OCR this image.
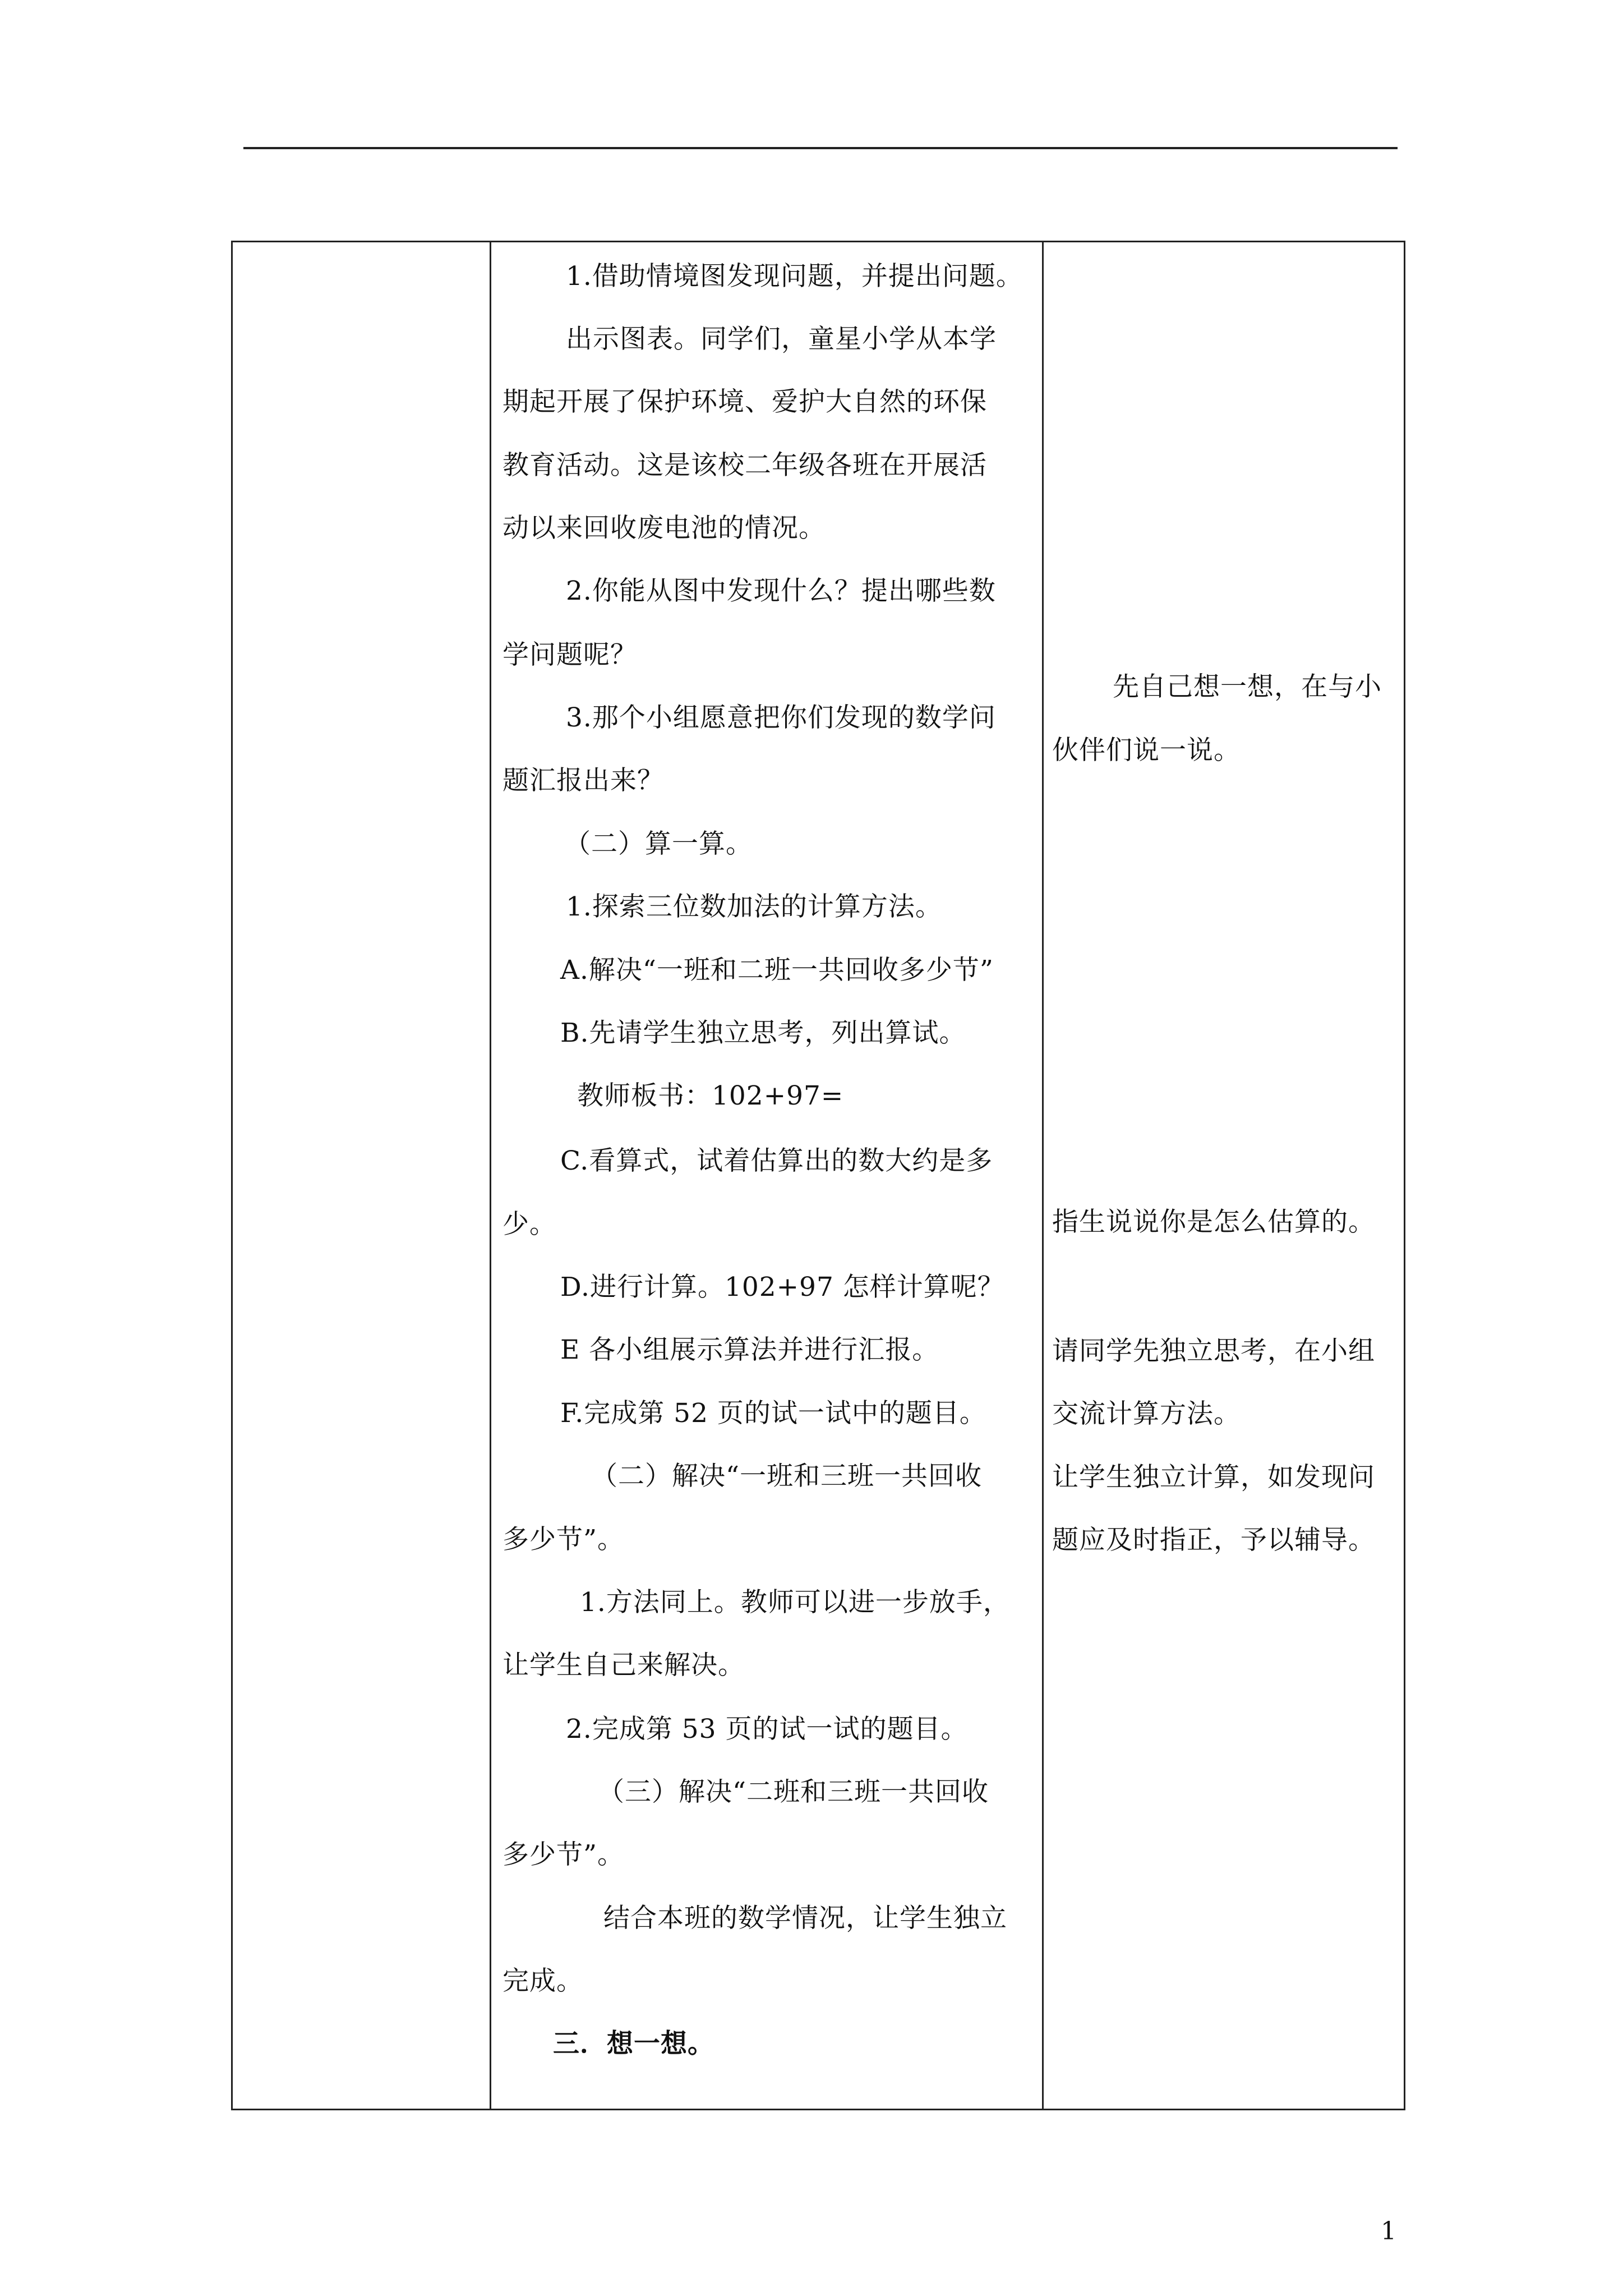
1.借助情境图发现问题，并提出问题。
出示图表。同学们，童星小学从本学
期起开展了保护环境、爱护大自然的环保
教育活动。这是该校二年级各班在开展活
动以来回收废电池的情况。
2.你能从图中发现什么？提出哪些数
学问题呢？
3.那个小组愿意把你们发现的数学问
题汇报出来？
（二）算一算。
1.探索三位数加法的计算方法。
A.解决“一班和二班一共回收多少节”
B.先请学生独立思考，列出算试。
教师板书：102+97=
C.看算式，试着估算出的数大约是多
少。
D.进行计算。102+97 怎样计算呢？
E 各小组展示算法并进行汇报。
F.完成第 52 页的试一试中的题目。
（二）解决“一班和三班一共回收
多少节”。
1.方法同上。教师可以进一步放手，
让学生自己来解决。
2.完成第 53 页的试一试的题目。
（三）解决“二班和三班一共回收
多少节”。
结合本班的数学情况，让学生独立
完成。
三．想一想。
先自己想一想，在与小
伙伴们说一说。
指生说说你是怎么估算的。
请同学先独立思考，在小组
交流计算方法。
让学生独立计算，如发现问
题应及时指正，予以辅导。
1
